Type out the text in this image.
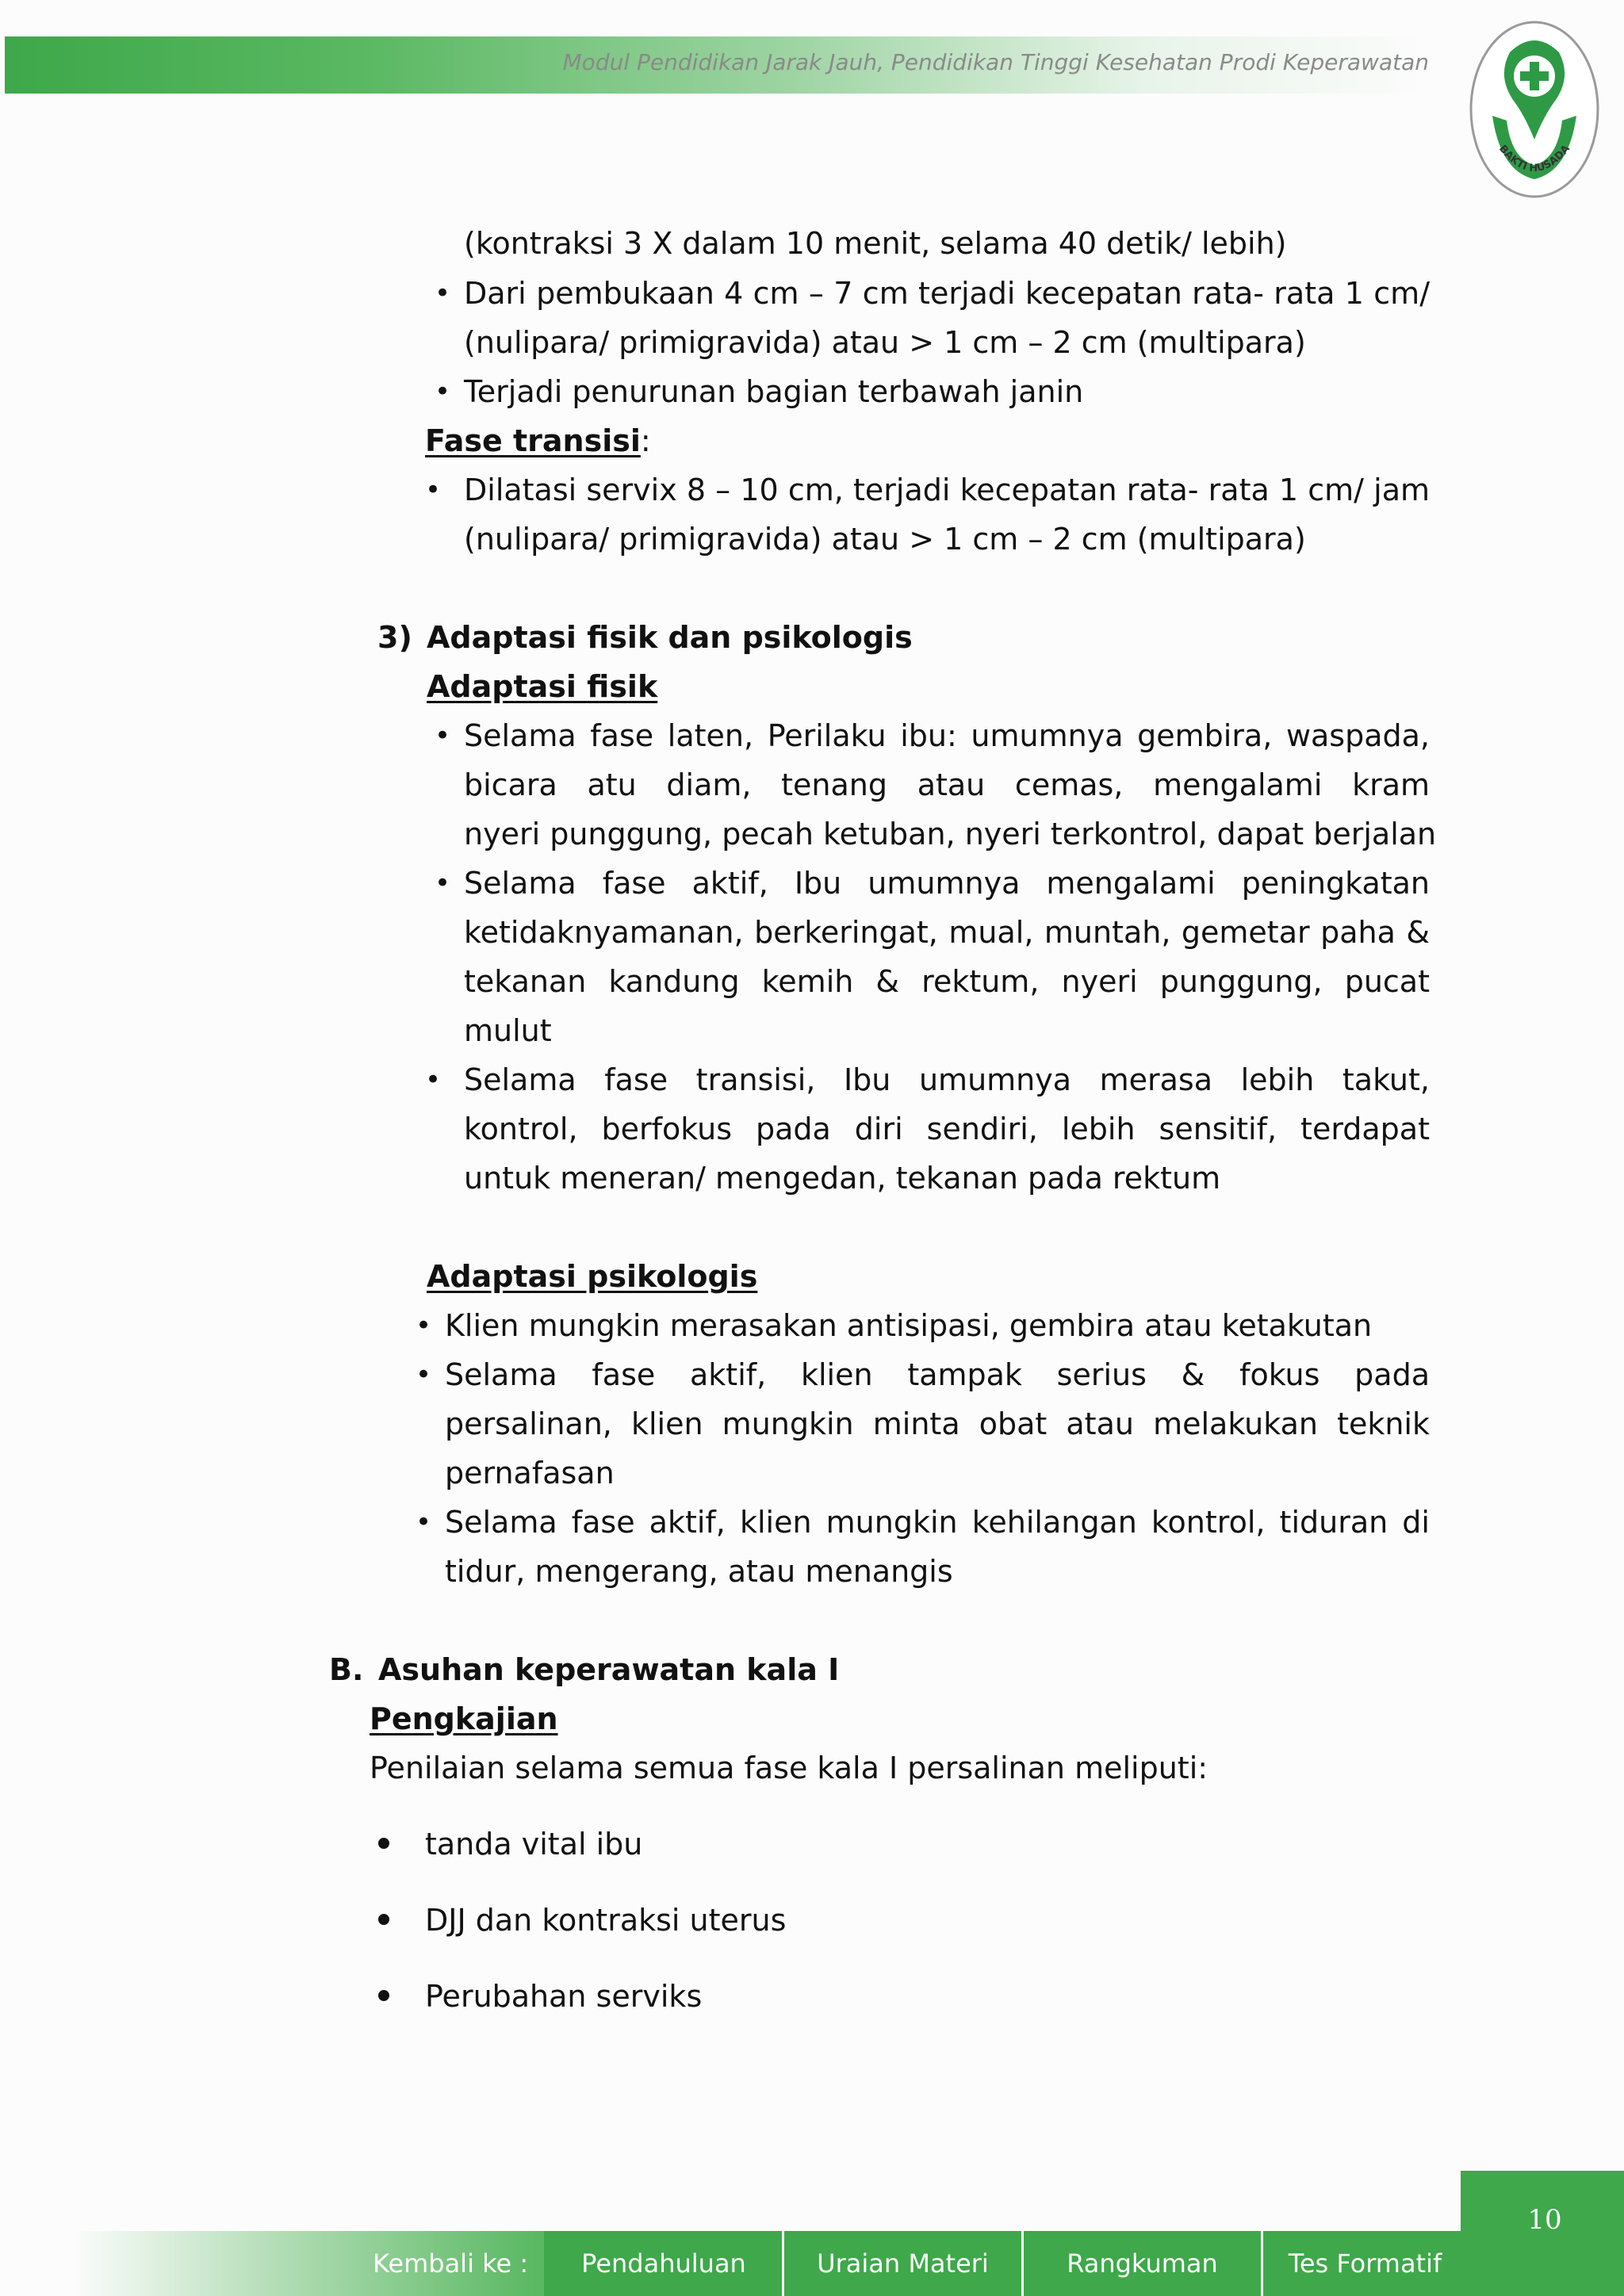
Modul Pendidikan Jarak Jauh, Pendidikan Tinggi Kesehatan Prodi Keperawatan
BAKTI HUSADA
(kontraksi 3 X dalam 10 menit, selama 40 detik/ lebih)
• Dari pembukaan 4 cm – 7 cm terjadi kecepatan rata- rata 1 cm/
(nulipara/ primigravida) atau > 1 cm – 2 cm (multipara)
• Terjadi penurunan bagian terbawah janin
Fase transisi:
• Dilatasi servix 8 – 10 cm, terjadi kecepatan rata- rata 1 cm/ jam
(nulipara/ primigravida) atau > 1 cm – 2 cm (multipara)
3) Adaptasi fisik dan psikologis
Adaptasi fisik
• Selama fase laten, Perilaku ibu: umumnya gembira, waspada,
bicara atu diam, tenang atau cemas, mengalami kram
nyeri punggung, pecah ketuban, nyeri terkontrol, dapat berjalan
• Selama fase aktif, Ibu umumnya mengalami peningkatan
ketidaknyamanan, berkeringat, mual, muntah, gemetar paha &
tekanan kandung kemih & rektum, nyeri punggung, pucat
mulut
• Selama fase transisi, Ibu umumnya merasa lebih takut,
kontrol, berfokus pada diri sendiri, lebih sensitif, terdapat
untuk meneran/ mengedan, tekanan pada rektum
Adaptasi psikologis
• Klien mungkin merasakan antisipasi, gembira atau ketakutan
• Selama fase aktif, klien tampak serius & fokus pada
persalinan, klien mungkin minta obat atau melakukan teknik
pernafasan
• Selama fase aktif, klien mungkin kehilangan kontrol, tiduran di
tidur, mengerang, atau menangis
B. Asuhan keperawatan kala I
Pengkajian
Penilaian selama semua fase kala I persalinan meliputi:
tanda vital ibu
DJJ dan kontraksi uterus
Perubahan serviks
Kembali ke :	Pendahuluan	Uraian Materi	Rangkuman	Tes Formatif
10
